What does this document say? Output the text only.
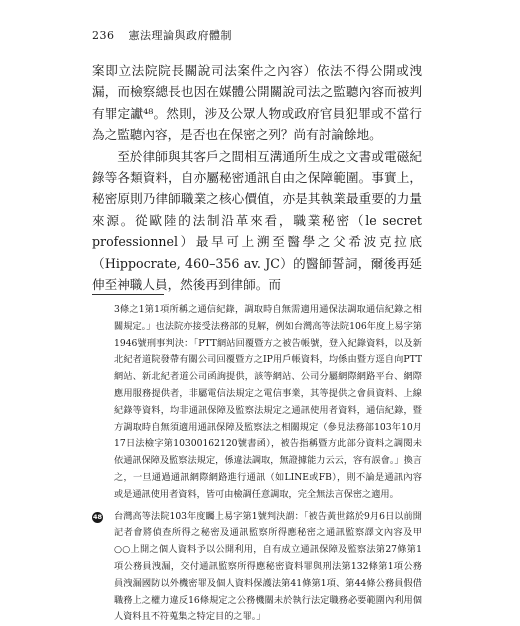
236 憲法理論與政府體制

案即立法院院長關說司法案件之內容）依法不得公開或洩漏，而檢察總長也因在媒體公開關說司法之監聽內容而被判有罪定讞⁴⁸。然則，涉及公眾人物或政府官員犯罪或不當行為之監聽內容，是否也在保密之列？尚有討論餘地。

至於律師與其客戶之間相互溝通所生成之文書或電磁紀錄等各類資料，自亦屬秘密通訊自由之保障範圍。事實上，秘密原則乃律師職業之核心價值，亦是其執業最重要的力量來源。從歐陸的法制沿革來看，職業秘密（le secret professionnel）最早可上溯至醫學之父希波克拉底（Hippocrate, 460–356 av. JC）的醫師誓詞，爾後再延伸至神職人員，然後再到律師。而

3條之1第1項所稱之通信紀錄，調取時自無需適用通保法調取通信紀錄之相關規定。」也法院亦接受法務部的見解，例如台灣高等法院106年度上易字第1946號刑事判決：「PTT網站回覆暨方之被告帳號，登入紀錄資料，以及新北紀者道院發帶有關公司回覆暨方之IP用戶帳資料，均係由暨方逕自向PTT網站、新北紀者道公司函詢提供，該等網站、公司分屬網際網路平台、網際應用服務提供者，非屬電信法規定之電信事業，其等提供之會員資料、上線紀錄等資料，均非通訊保障及監察法規定之通訊使用者資料，通信紀錄，暨方調取時自無須適用通訊保障及監察法之相關規定（參見法務部103年10月17日法檢字第10300162120號書函），被告指稱暨方此部分資料之調閱未依通訊保障及監察法規定，係違法調取，無證據能力云云，容有誤會。」換言之，一旦通過通訊網際網路進行通訊（如LINE或FB），則不論是通訊內容或是通訊使用者資料，皆可由檢調任意調取，完全無法言保密之適用。

48 台灣高等法院103年度矚上易字第1號判決謂：「被告黃世銘於9月6日以前開記者會將偵查所得之秘密及通訊監察所得應秘密之通訊監察譯文內容及甲○○上開之個人資料予以公開利用，自有成立通訊保障及監察法第27條第1項公務員洩漏，交付通訊監察所得應秘密資料罪與刑法第132條第1項公務員洩漏國防以外機密罪及個人資料保護法第41條第1項、第44條公務員假借職務上之權力違反16條規定之公務機關未於執行法定職務必要範圍內利用個人資料且不符蒐集之特定目的之罪。」
